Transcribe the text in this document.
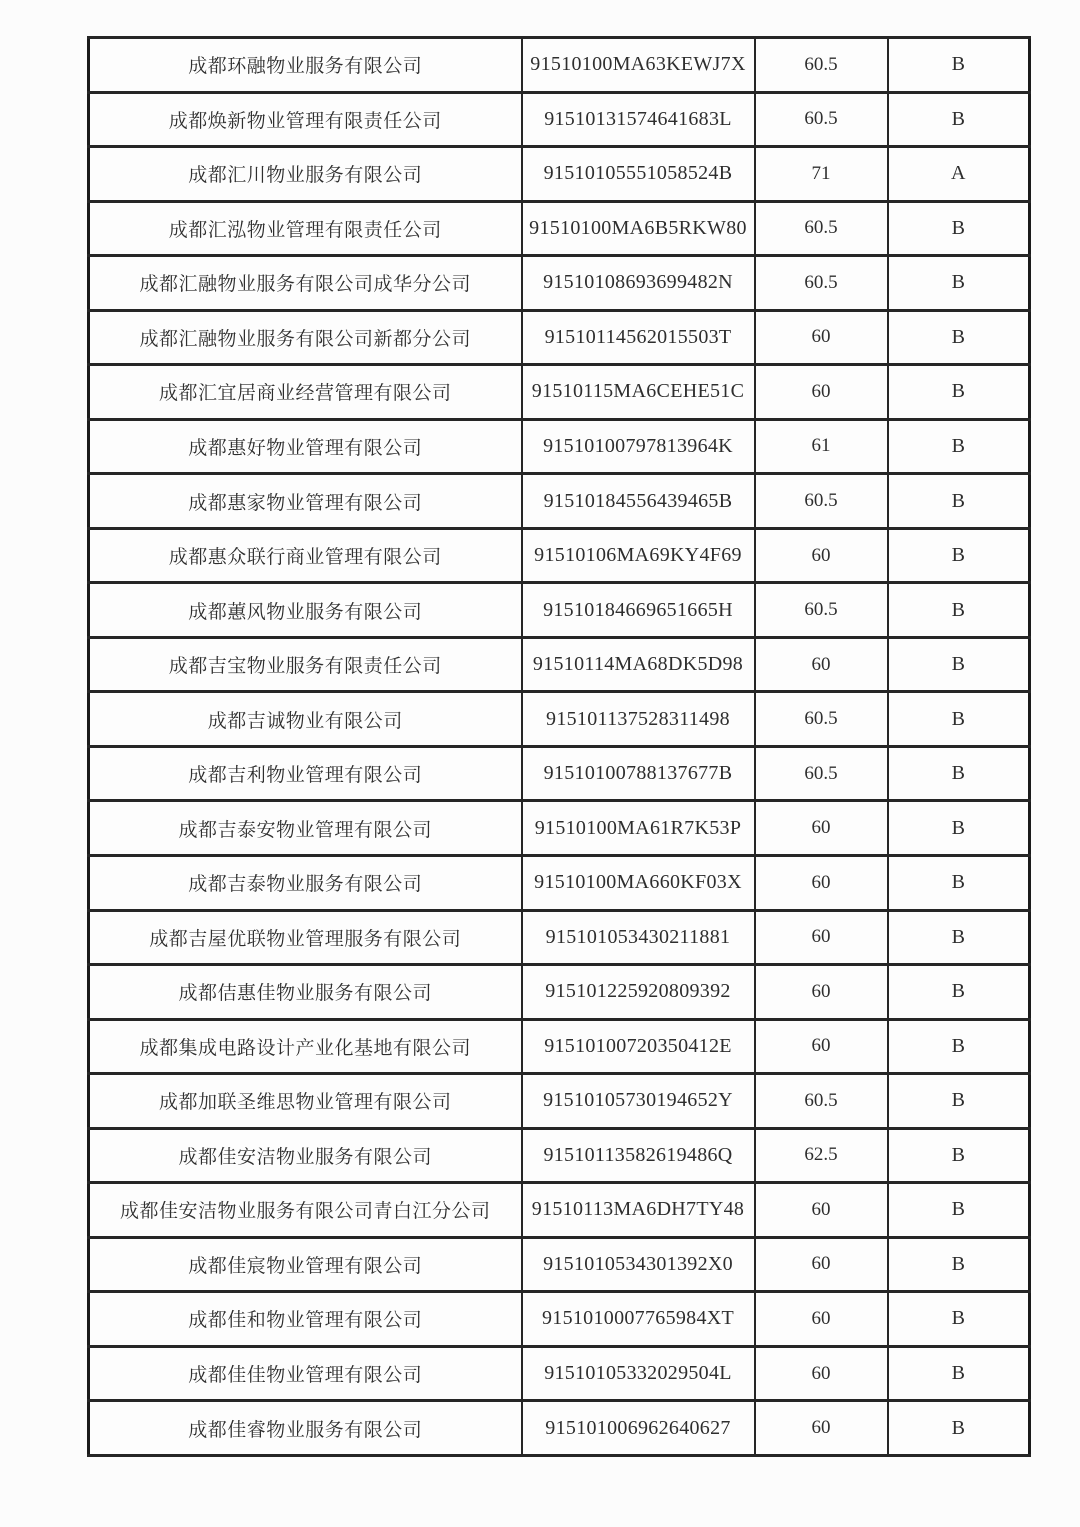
成都环融物业服务有限公司	91510100MA63KEWJ7X	60.5	B
成都焕新物业管理有限责任公司	91510131574641683L	60.5	B
成都汇川物业服务有限公司	91510105551058524B	71	A
成都汇泓物业管理有限责任公司	91510100MA6B5RKW80	60.5	B
成都汇融物业服务有限公司成华分公司	91510108693699482N	60.5	B
成都汇融物业服务有限公司新都分公司	91510114562015503T	60	B
成都汇宜居商业经营管理有限公司	91510115MA6CEHE51C	60	B
成都惠好物业管理有限公司	91510100797813964K	61	B
成都惠家物业管理有限公司	91510184556439465B	60.5	B
成都惠众联行商业管理有限公司	91510106MA69KY4F69	60	B
成都蕙风物业服务有限公司	91510184669651665H	60.5	B
成都吉宝物业服务有限责任公司	91510114MA68DK5D98	60	B
成都吉诚物业有限公司	915101137528311498	60.5	B
成都吉利物业管理有限公司	91510100788137677B	60.5	B
成都吉泰安物业管理有限公司	91510100MA61R7K53P	60	B
成都吉泰物业服务有限公司	91510100MA660KF03X	60	B
成都吉屋优联物业管理服务有限公司	915101053430211881	60	B
成都佶惠佳物业服务有限公司	915101225920809392	60	B
成都集成电路设计产业化基地有限公司	91510100720350412E	60	B
成都加联圣维思物业管理有限公司	91510105730194652Y	60.5	B
成都佳安洁物业服务有限公司	91510113582619486Q	62.5	B
成都佳安洁物业服务有限公司青白江分公司	91510113MA6DH7TY48	60	B
成都佳宸物业管理有限公司	9151010534301392X0	60	B
成都佳和物业管理有限公司	9151010007765984XT	60	B
成都佳佳物业管理有限公司	91510105332029504L	60	B
成都佳睿物业服务有限公司	915101006962640627	60	B
